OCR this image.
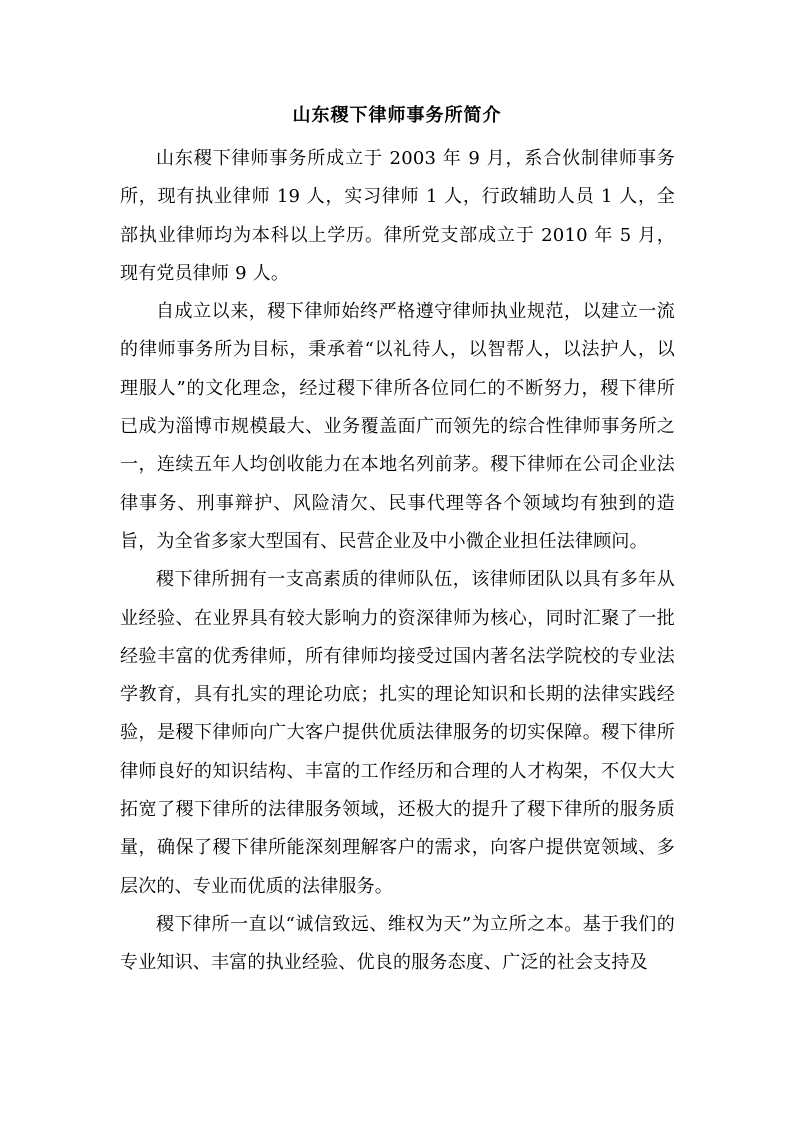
山东稷下律师事务所简介

山东稷下律师事务所成立于 2003 年 9 月，系合伙制律师事务所，现有执业律师 19 人，实习律师 1 人，行政辅助人员 1 人，全部执业律师均为本科以上学历。律所党支部成立于 2010 年 5 月，现有党员律师 9 人。

自成立以来，稷下律师始终严格遵守律师执业规范，以建立一流的律师事务所为目标，秉承着“以礼待人，以智帮人，以法护人，以理服人”的文化理念，经过稷下律所各位同仁的不断努力，稷下律所已成为淄博市规模最大、业务覆盖面广而领先的综合性律师事务所之一，连续五年人均创收能力在本地名列前茅。稷下律师在公司企业法律事务、刑事辩护、风险清欠、民事代理等各个领域均有独到的造旨，为全省多家大型国有、民营企业及中小微企业担任法律顾问。

稷下律所拥有一支高素质的律师队伍，该律师团队以具有多年从业经验、在业界具有较大影响力的资深律师为核心，同时汇聚了一批经验丰富的优秀律师，所有律师均接受过国内著名法学院校的专业法学教育，具有扎实的理论功底；扎实的理论知识和长期的法律实践经验，是稷下律师向广大客户提供优质法律服务的切实保障。稷下律所律师良好的知识结构、丰富的工作经历和合理的人才构架，不仅大大拓宽了稷下律所的法律服务领域，还极大的提升了稷下律所的服务质量，确保了稷下律所能深刻理解客户的需求，向客户提供宽领域、多层次的、专业而优质的法律服务。

稷下律所一直以“诚信致远、维权为天”为立所之本。基于我们的专业知识、丰富的执业经验、优良的服务态度、广泛的社会支持及
